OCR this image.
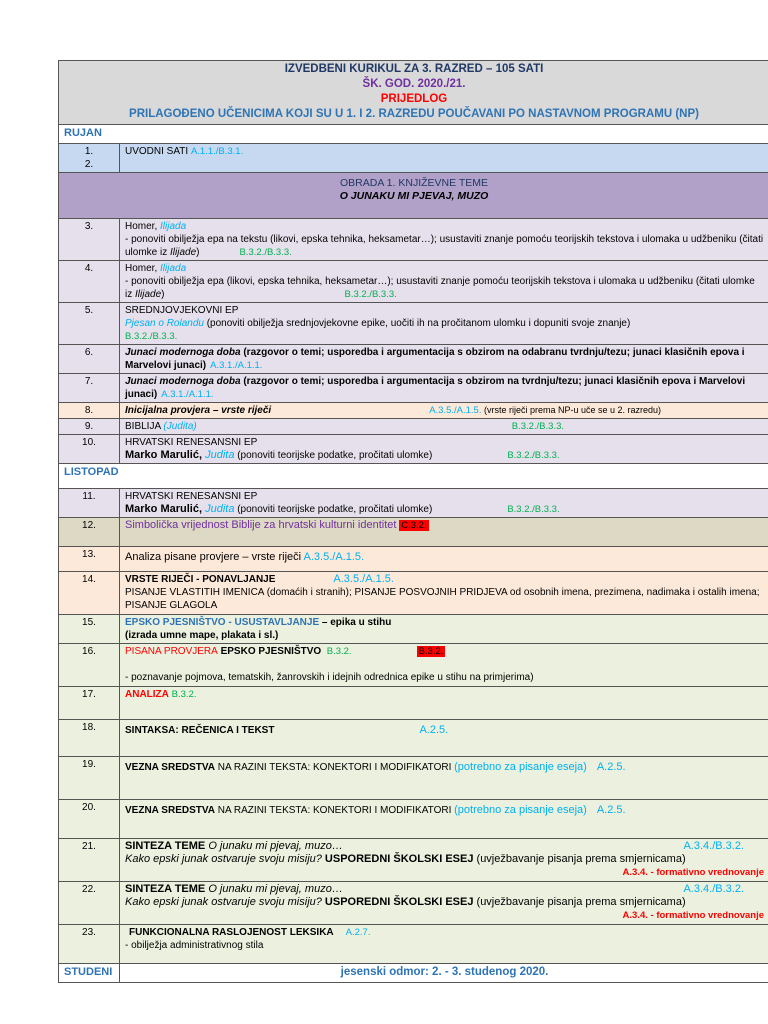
IZVEDBENI KURIKUL ZA 3. RAZRED – 105 SATI
ŠK. GOD. 2020./21.
PRIJEDLOG
PRILAGOĐENO UČENICIMA KOJI SU U 1. I 2. RAZREDU POUČAVANI PO NASTAVNOM PROGRAMU (NP)	

RUJAN	
1.
2.	UVODNI SATI A.1.1./B.3.1.

OBRADA 1. KNJIŽEVNE TEME
O JUNAKU MI PJEVAJ, MUZO	

3.	Homer, Ilijada
- ponoviti obilježja epa na tekstu (likovi, epska tehnika, heksametar…); usustaviti znanje pomoću teorijskih tekstova i ulomaka u udžbeniku (čitati ulomke iz Ilijade) B.3.2./B.3.3.
4.	Homer, Ilijada
- ponoviti obilježja epa (likovi, epska tehnika, heksametar…); usustaviti znanje pomoću teorijskih tekstova i ulomaka u udžbeniku (čitati ulomke iz Ilijade) B.3.2./B.3.3.
5.	SREDNJOVJEKOVNI EP
Pjesan o Rolandu (ponoviti obilježja srednjovjekovne epike, uočiti ih na pročitanom ulomku i dopuniti svoje znanje)
B.3.2./B.3.3.
6.	Junaci modernoga doba (razgovor o temi; usporedba i argumentacija s obzirom na odabranu tvrdnju/tezu; junaci klasičnih epova i Marvelovi junaci) A.3.1./A.1.1.
7.	Junaci modernoga doba (razgovor o temi; usporedba i argumentacija s obzirom na tvrdnju/tezu; junaci klasičnih epova i Marvelovi junaci) A.3.1./A.1.1.
8.	Inicijalna provjera – vrste riječi A.3.5./A.1.5. (vrste riječi prema NP-u uče se u 2. razredu)
9.	BIBLIJA (Judita) B.3.2./B.3.3.
10.	HRVATSKI RENESANSNI EP
Marko Marulić, Judita (ponoviti teorijske podatke, pročitati ulomke) B.3.2./B.3.3.
LISTOPAD	
11.	HRVATSKI RENESANSNI EP
Marko Marulić, Judita (ponoviti teorijske podatke, pročitati ulomke) B.3.2./B.3.3.
12.	Simbolička vrijednost Biblije za hrvatski kulturni identitet C.3.2.
13.	Analiza pisane provjere – vrste riječi A.3.5./A.1.5.
14.	VRSTE RIJEČI - PONAVLJANJE A.3.5./A.1.5.
PISANJE VLASTITIH IMENICA (domaćih i stranih); PISANJE POSVOJNIH PRIDJEVA od osobnih imena, prezimena, nadimaka i ostalih imena; PISANJE GLAGOLA
15.	EPSKO PJESNIŠTVO - USUSTAVLJANJE – epika u stihu
(izrada umne mape, plakata i sl.)
16.	PISANA PROVJERA EPSKO PJESNIŠTVO B.3.2. B.3.2.

- poznavanje pojmova, tematskih, žanrovskih i idejnih odrednica epike u stihu na primjerima)
17.	ANALIZA B.3.2.
18.	SINTAKSA: REČENICA I TEKST A.2.5.
19.	VEZNA SREDSTVA NA RAZINI TEKSTA: KONEKTORI I MODIFIKATORI (potrebno za pisanje eseja) A.2.5.
20.	VEZNA SREDSTVA NA RAZINI TEKSTA: KONEKTORI I MODIFIKATORI (potrebno za pisanje eseja) A.2.5.
21.	SINTEZA TEME O junaku mi pjevaj, muzo… A.3.4./B.3.2.

Kako epski junak ostvaruje svoju misiju? USPOREDNI ŠKOLSKI ESEJ (uvježbavanje pisanja prema smjernicama)

A.3.4. - formativno vrednovanje

22.	SINTEZA TEME O junaku mi pjevaj, muzo… A.3.4./B.3.2.

Kako epski junak ostvaruje svoju misiju? USPOREDNI ŠKOLSKI ESEJ (uvježbavanje pisanja prema smjernicama)

A.3.4. - formativno vrednovanje

23.	FUNKCIONALNA RASLOJENOST LEKSIKA A.2.7.
- obilježja administrativnog stila
STUDENI	jesenski odmor: 2. - 3. studenog 2020.
